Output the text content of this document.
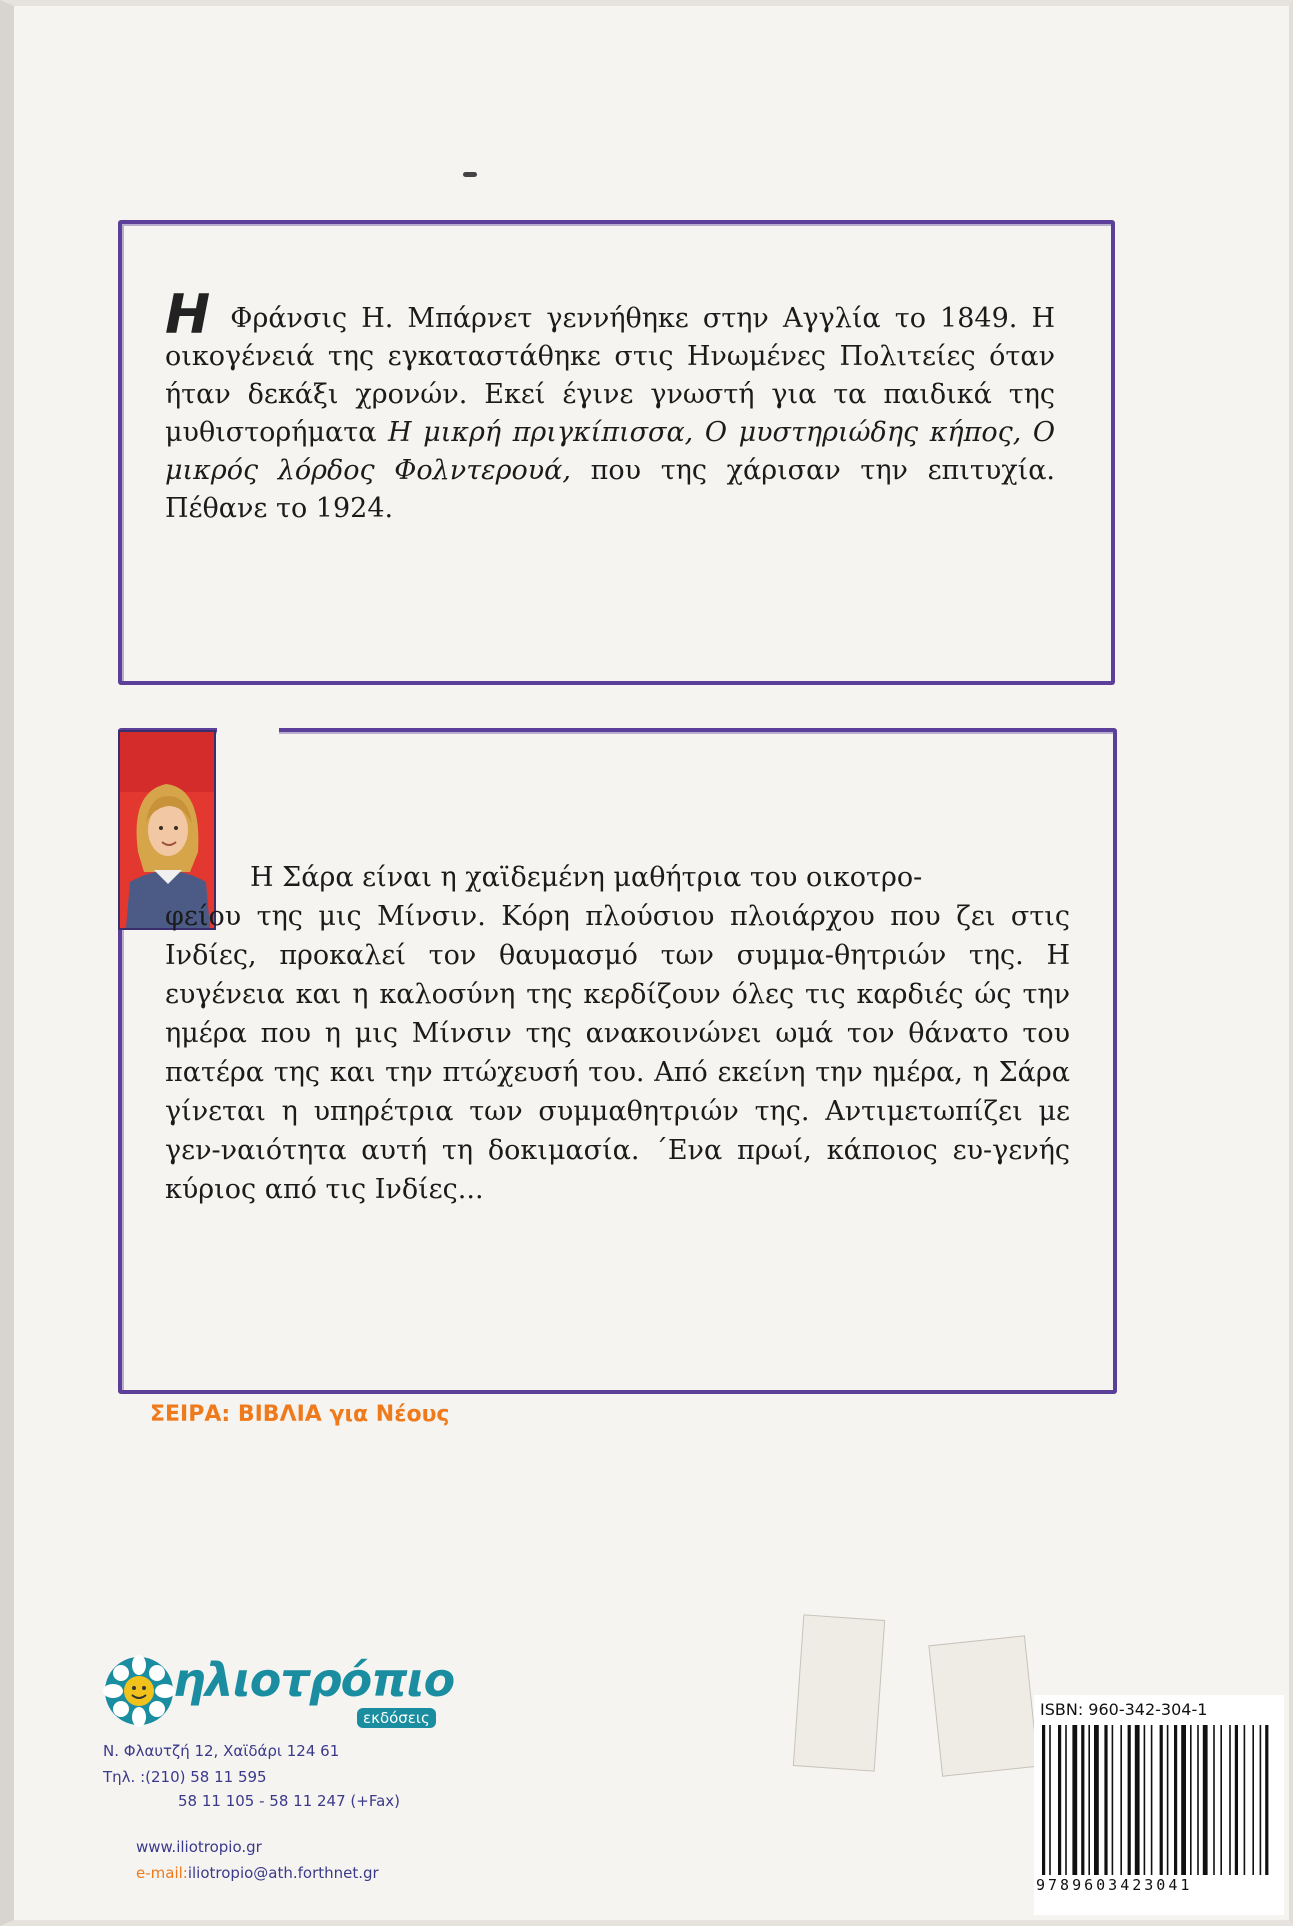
Η Φράνσις Η. Μπάρνετ γεννήθηκε στην Αγγλία το 1849. Η οικογένειά της εγκαταστάθηκε στις Ηνωμένες Πολιτείες όταν ήταν δεκάξι χρονών. Εκεί έγινε γνωστή για τα παιδικά της μυθιστορήματα Η μικρή πριγκίπισσα, Ο μυστηριώδης κήπος, Ο μικρός λόρδος Φολντερουά, που της χάρισαν την επιτυχία. Πέθανε το 1924.
Η Σάρα είναι η χαϊδεμένη μαθήτρια του οικοτρο-
φείου της μις Μίνσιν. Κόρη πλούσιου πλοιάρχου που ζει στις Ινδίες, προκαλεί τον θαυμασμό των συμμα-θητριών της. Η ευγένεια και η καλοσύνη της κερδίζουν όλες τις καρδιές ώς την ημέρα που η μις Μίνσιν της ανακοινώνει ωμά τον θάνατο του πατέρα της και την πτώχευσή του. Από εκείνη την ημέρα, η Σάρα γίνεται η υπηρέτρια των συμμαθητριών της. Αντιμετωπίζει με γεν-ναιότητα αυτή τη δοκιμασία. ΄Ενα πρωί, κάποιος ευ-γενής κύριος από τις Ινδίες...
ΣΕΙΡΑ: ΒΙΒΛΙΑ για Νέους
ηλιοτρόπιο
εκδόσεις
Ν. Φλαυτζή 12, Χαϊδάρι 124 61
Τηλ. :(210) 58 11 595
58 11 105 - 58 11 247 (+Fax)
www.iliotropio.gr
e-mail:iliotropio@ath.forthnet.gr
ISBN: 960-342-304-1
9789603423041
